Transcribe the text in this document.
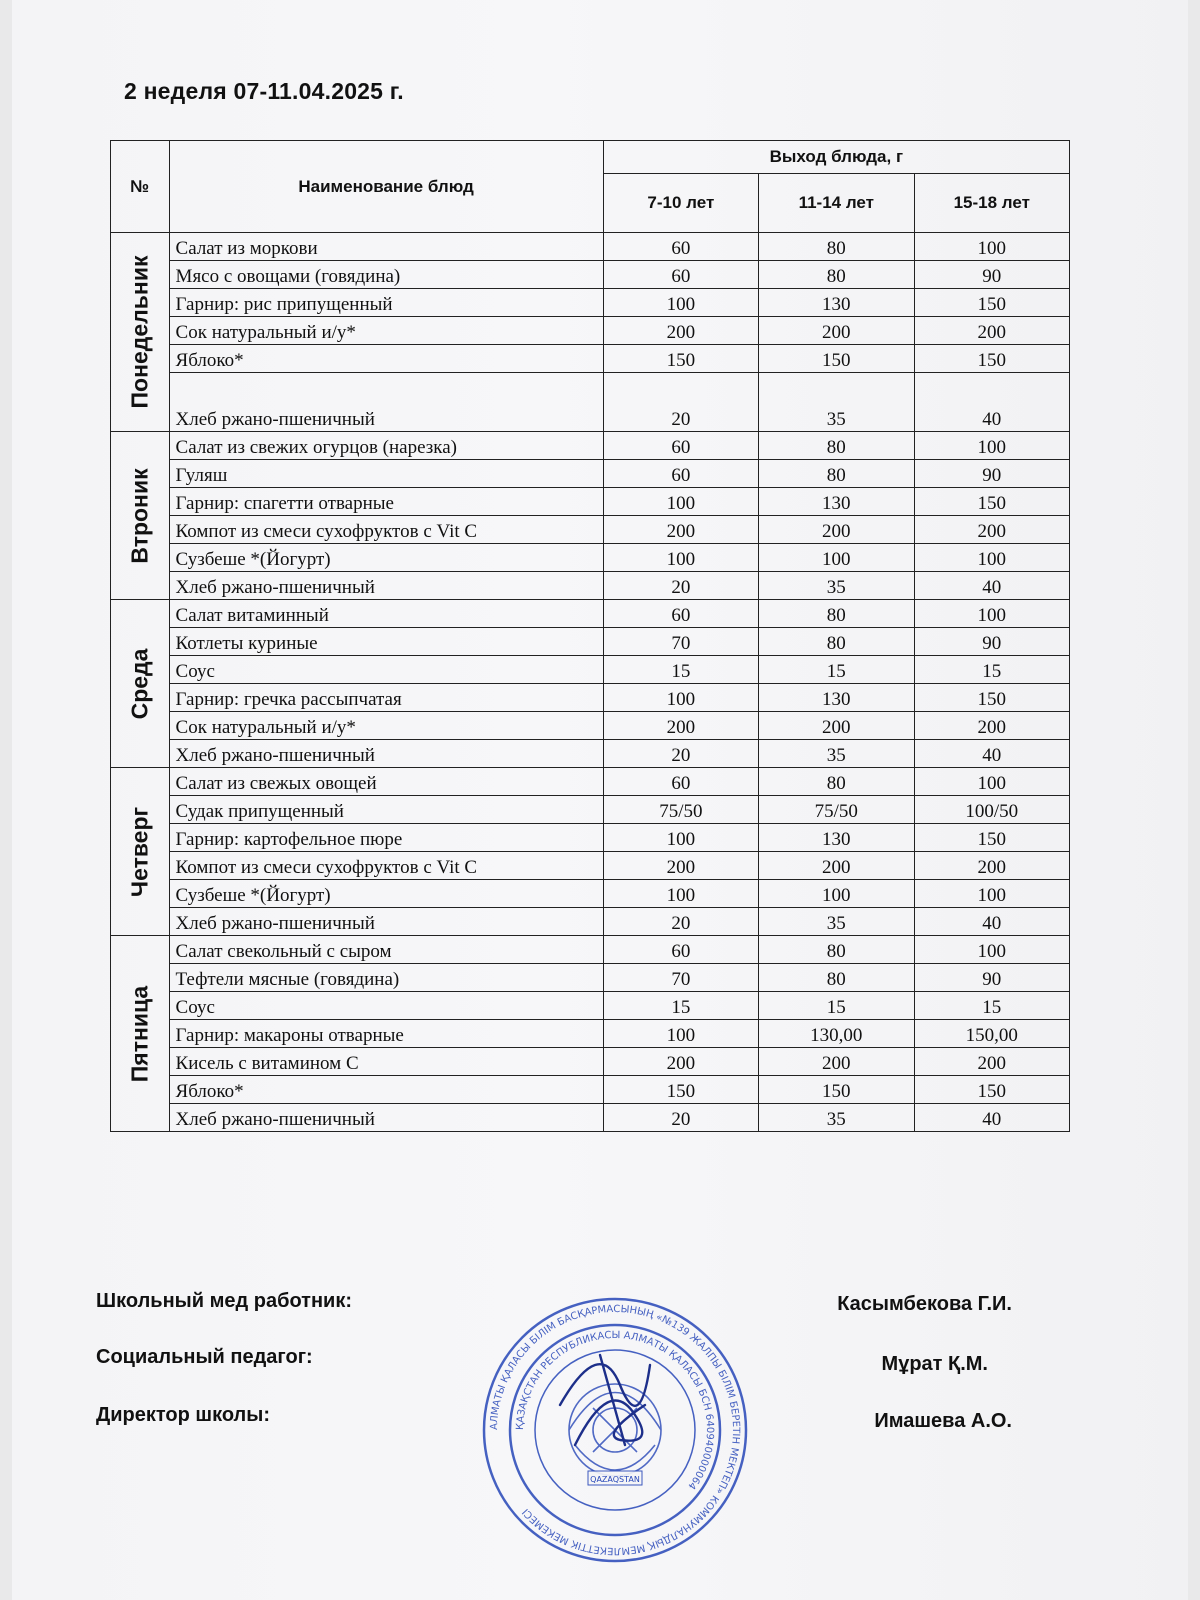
2 неделя 07-11.04.2025 г.
№	Наименование блюд	Выход блюда, г		
		7-10 лет	11-14 лет	15-18 лет

Понедельник	Салат из моркови	60	80	100
	Мясо с овощами (говядина)	60	80	90
	Гарнир: рис припущенный	100	130	150
	Сок натуральный и/у*	200	200	200
	Яблоко*	150	150	150
	Хлеб ржано-пшеничный	20	35	40

Втроник	Салат из свежих огурцов (нарезка)	60	80	100
	Гуляш	60	80	90
	Гарнир: спагетти отварные	100	130	150
	Компот из смеси сухофруктов с Vit C	200	200	200
	Сузбеше *(Йогурт)	100	100	100
	Хлеб ржано-пшеничный	20	35	40

Среда	Салат витаминный	60	80	100
	Котлеты куриные	70	80	90
	Соус	15	15	15
	Гарнир: гречка рассыпчатая	100	130	150
	Сок натуральный и/у*	200	200	200
	Хлеб ржано-пшеничный	20	35	40

Четверг	Салат из свежых овощей	60	80	100
	Судак припущенный	75/50	75/50	100/50
	Гарнир: картофельное пюре	100	130	150
	Компот из смеси сухофруктов с Vit C	200	200	200
	Сузбеше *(Йогурт)	100	100	100
	Хлеб ржано-пшеничный	20	35	40

Пятница	Салат свекольный с сыром	60	80	100
	Тефтели мясные (говядина)	70	80	90
	Соус	15	15	15
	Гарнир: макароны отварные	100	130,00	150,00
	Кисель с витамином С	200	200	200
	Яблоко*	150	150	150
	Хлеб ржано-пшеничный	20	35	40
Школьный мед работник:	Касымбекова Г.И.
Социальный педагог:	Мұрат Қ.М.
Директор школы:	Имашева А.О.
АЛМАТЫ ҚАЛАСЫ БІЛІМ БАСҚАРМАСЫНЫҢ «№139 ЖАЛПЫ БІЛІМ БЕРЕТІН МЕКТЕП» КОММУНАЛДЫҚ МЕМЛЕКЕТТІК МЕКЕМЕСІ
ҚАЗАҚСТАН РЕСПУБЛИКАСЫ АЛМАТЫ ҚАЛАСЫ БСН 640940000064
QAZAQSTAN
